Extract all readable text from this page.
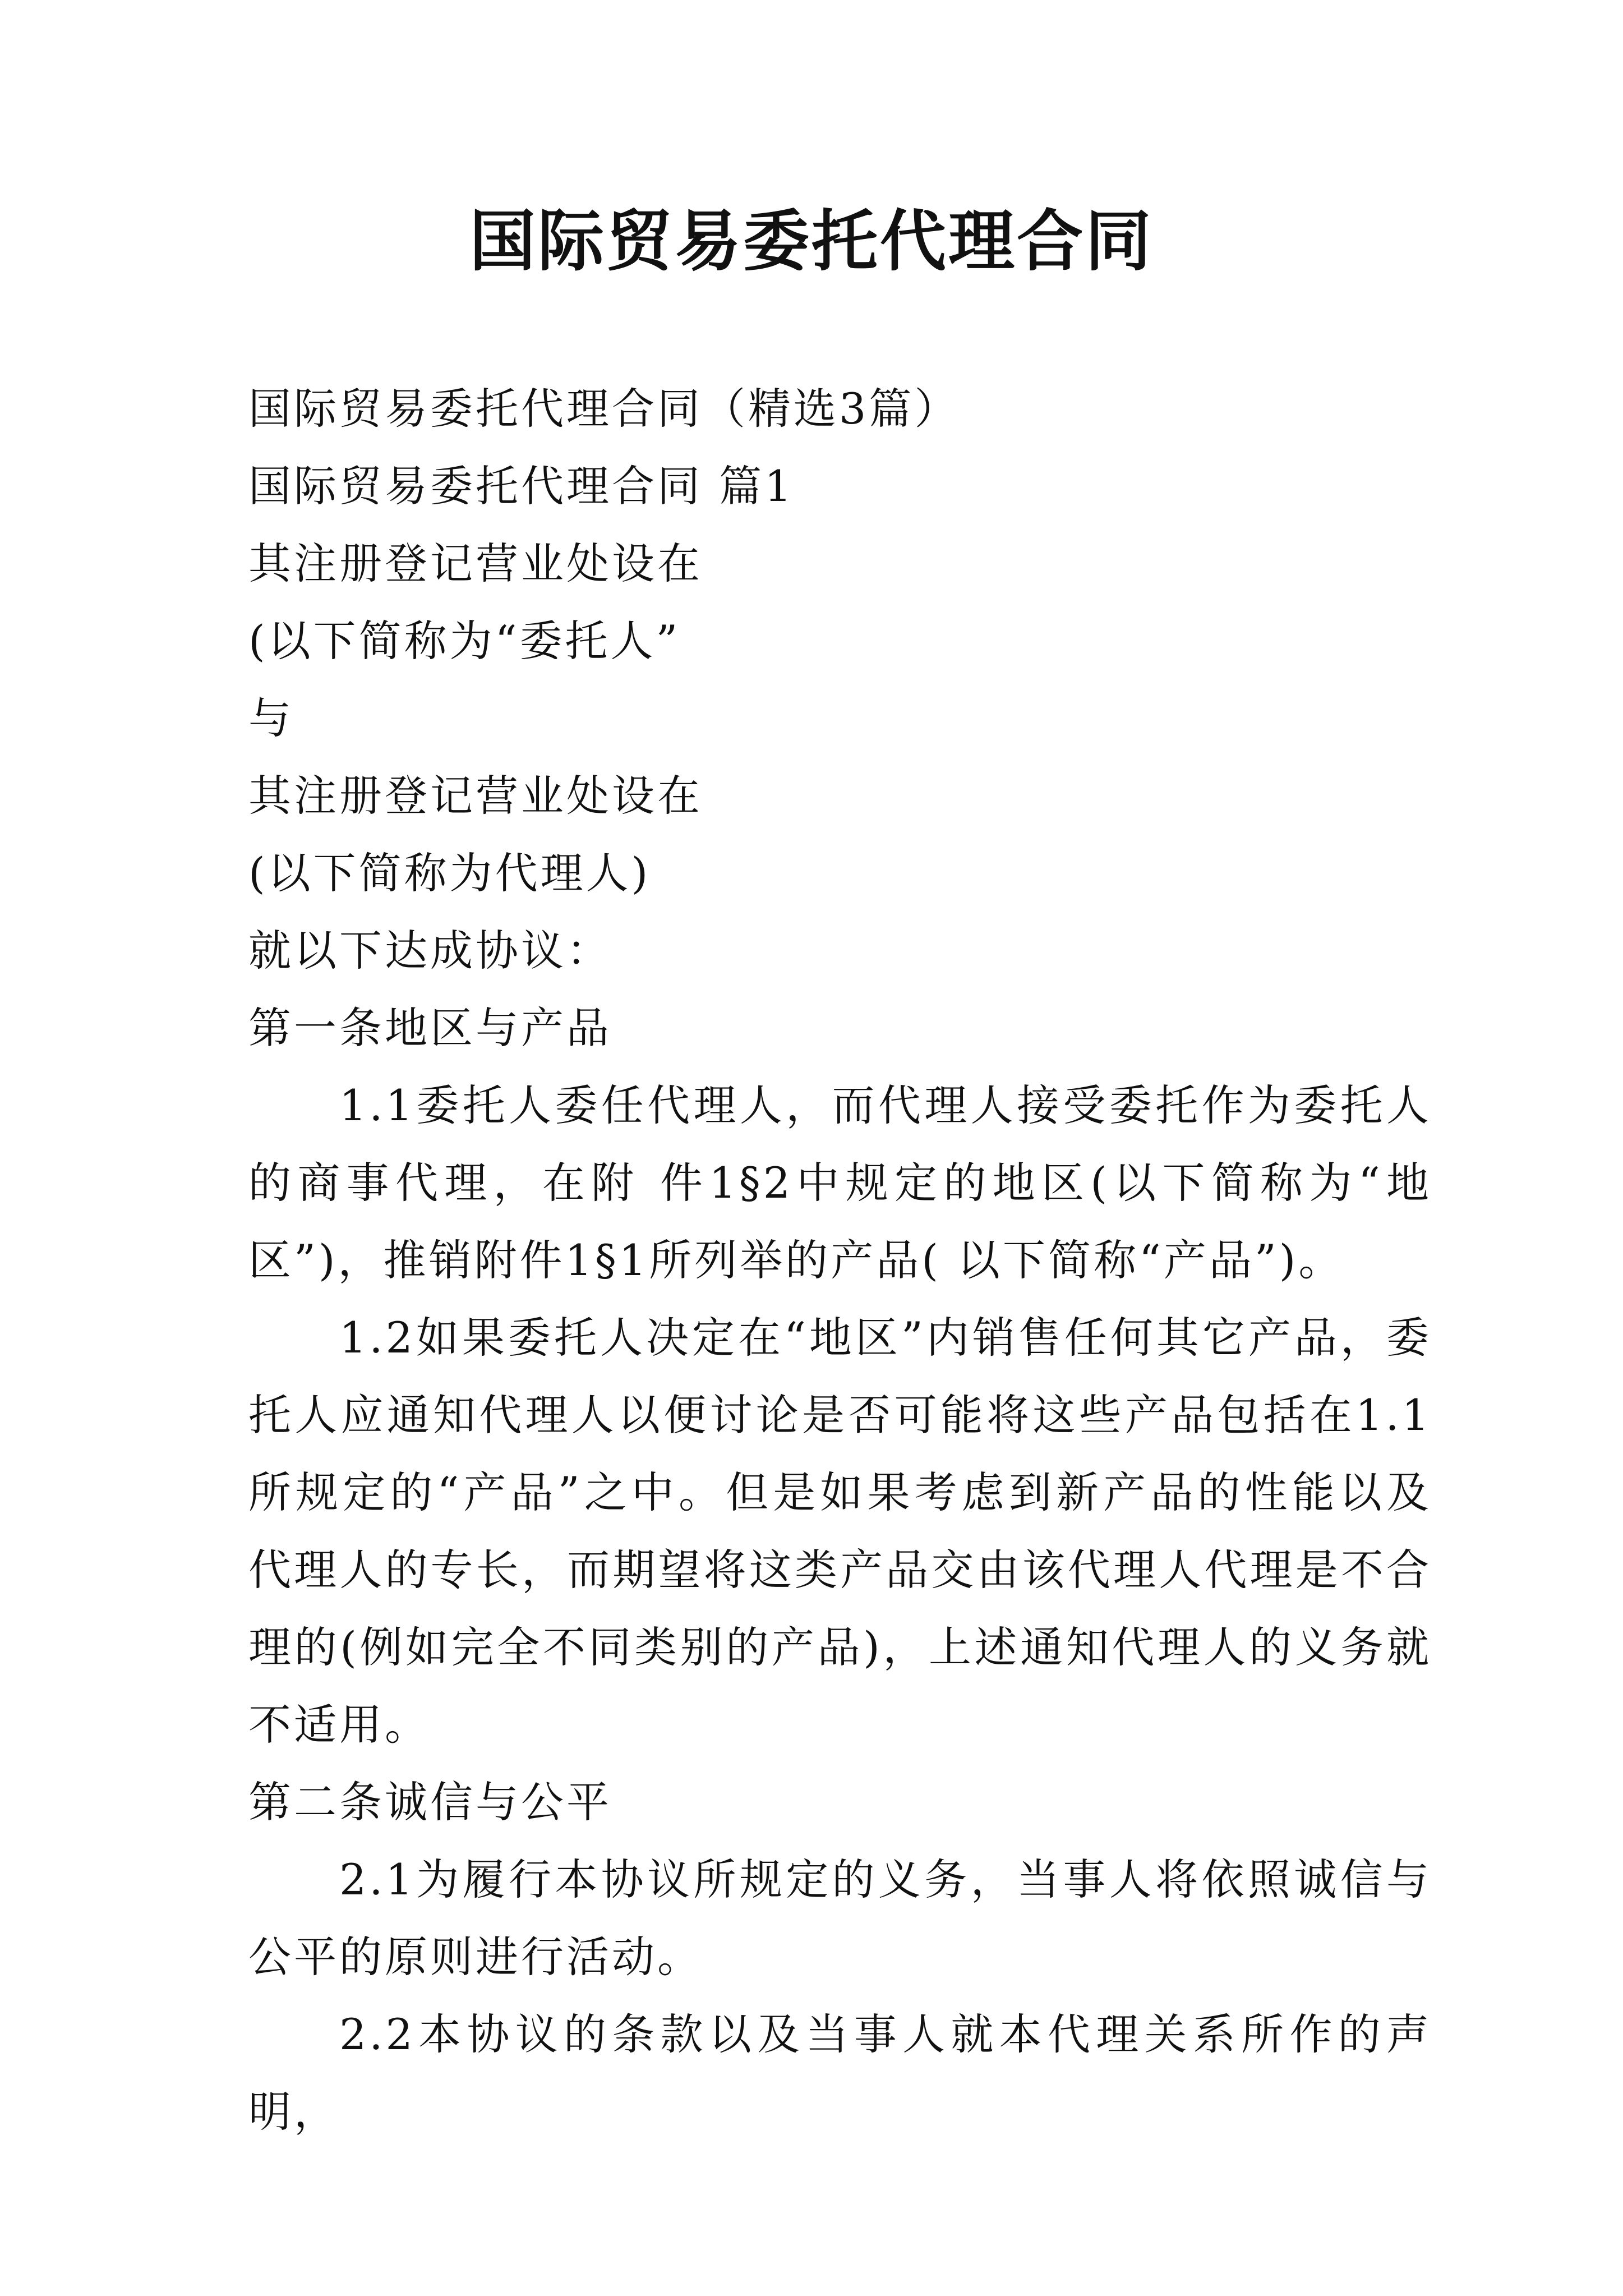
国际贸易委托代理合同

国际贸易委托代理合同（精选3篇）

国际贸易委托代理合同 篇1

其注册登记营业处设在

(以下简称为“委托人”

与

其注册登记营业处设在

(以下简称为代理人)

就以下达成协议：

第一条地区与产品

1.1委托人委任代理人，而代理人接受委托作为委托人的商事代理，在附 件1§2中规定的地区(以下简称为“地区”)，推销附件1§1所列举的产品( 以下简称“产品”)。

1.2如果委托人决定在“地区”内销售任何其它产品，委托人应通知代理人以便讨论是否可能将这些产品包括在1.1所规定的“产品”之中。但是如果考虑到新产品的性能以及代理人的专长，而期望将这类产品交由该代理人代理是不合理的(例如完全不同类别的产品)，上述通知代理人的义务就不适用。

第二条诚信与公平

2.1为履行本协议所规定的义务，当事人将依照诚信与公平的原则进行活动。

2.2本协议的条款以及当事人就本代理关系所作的声明，
